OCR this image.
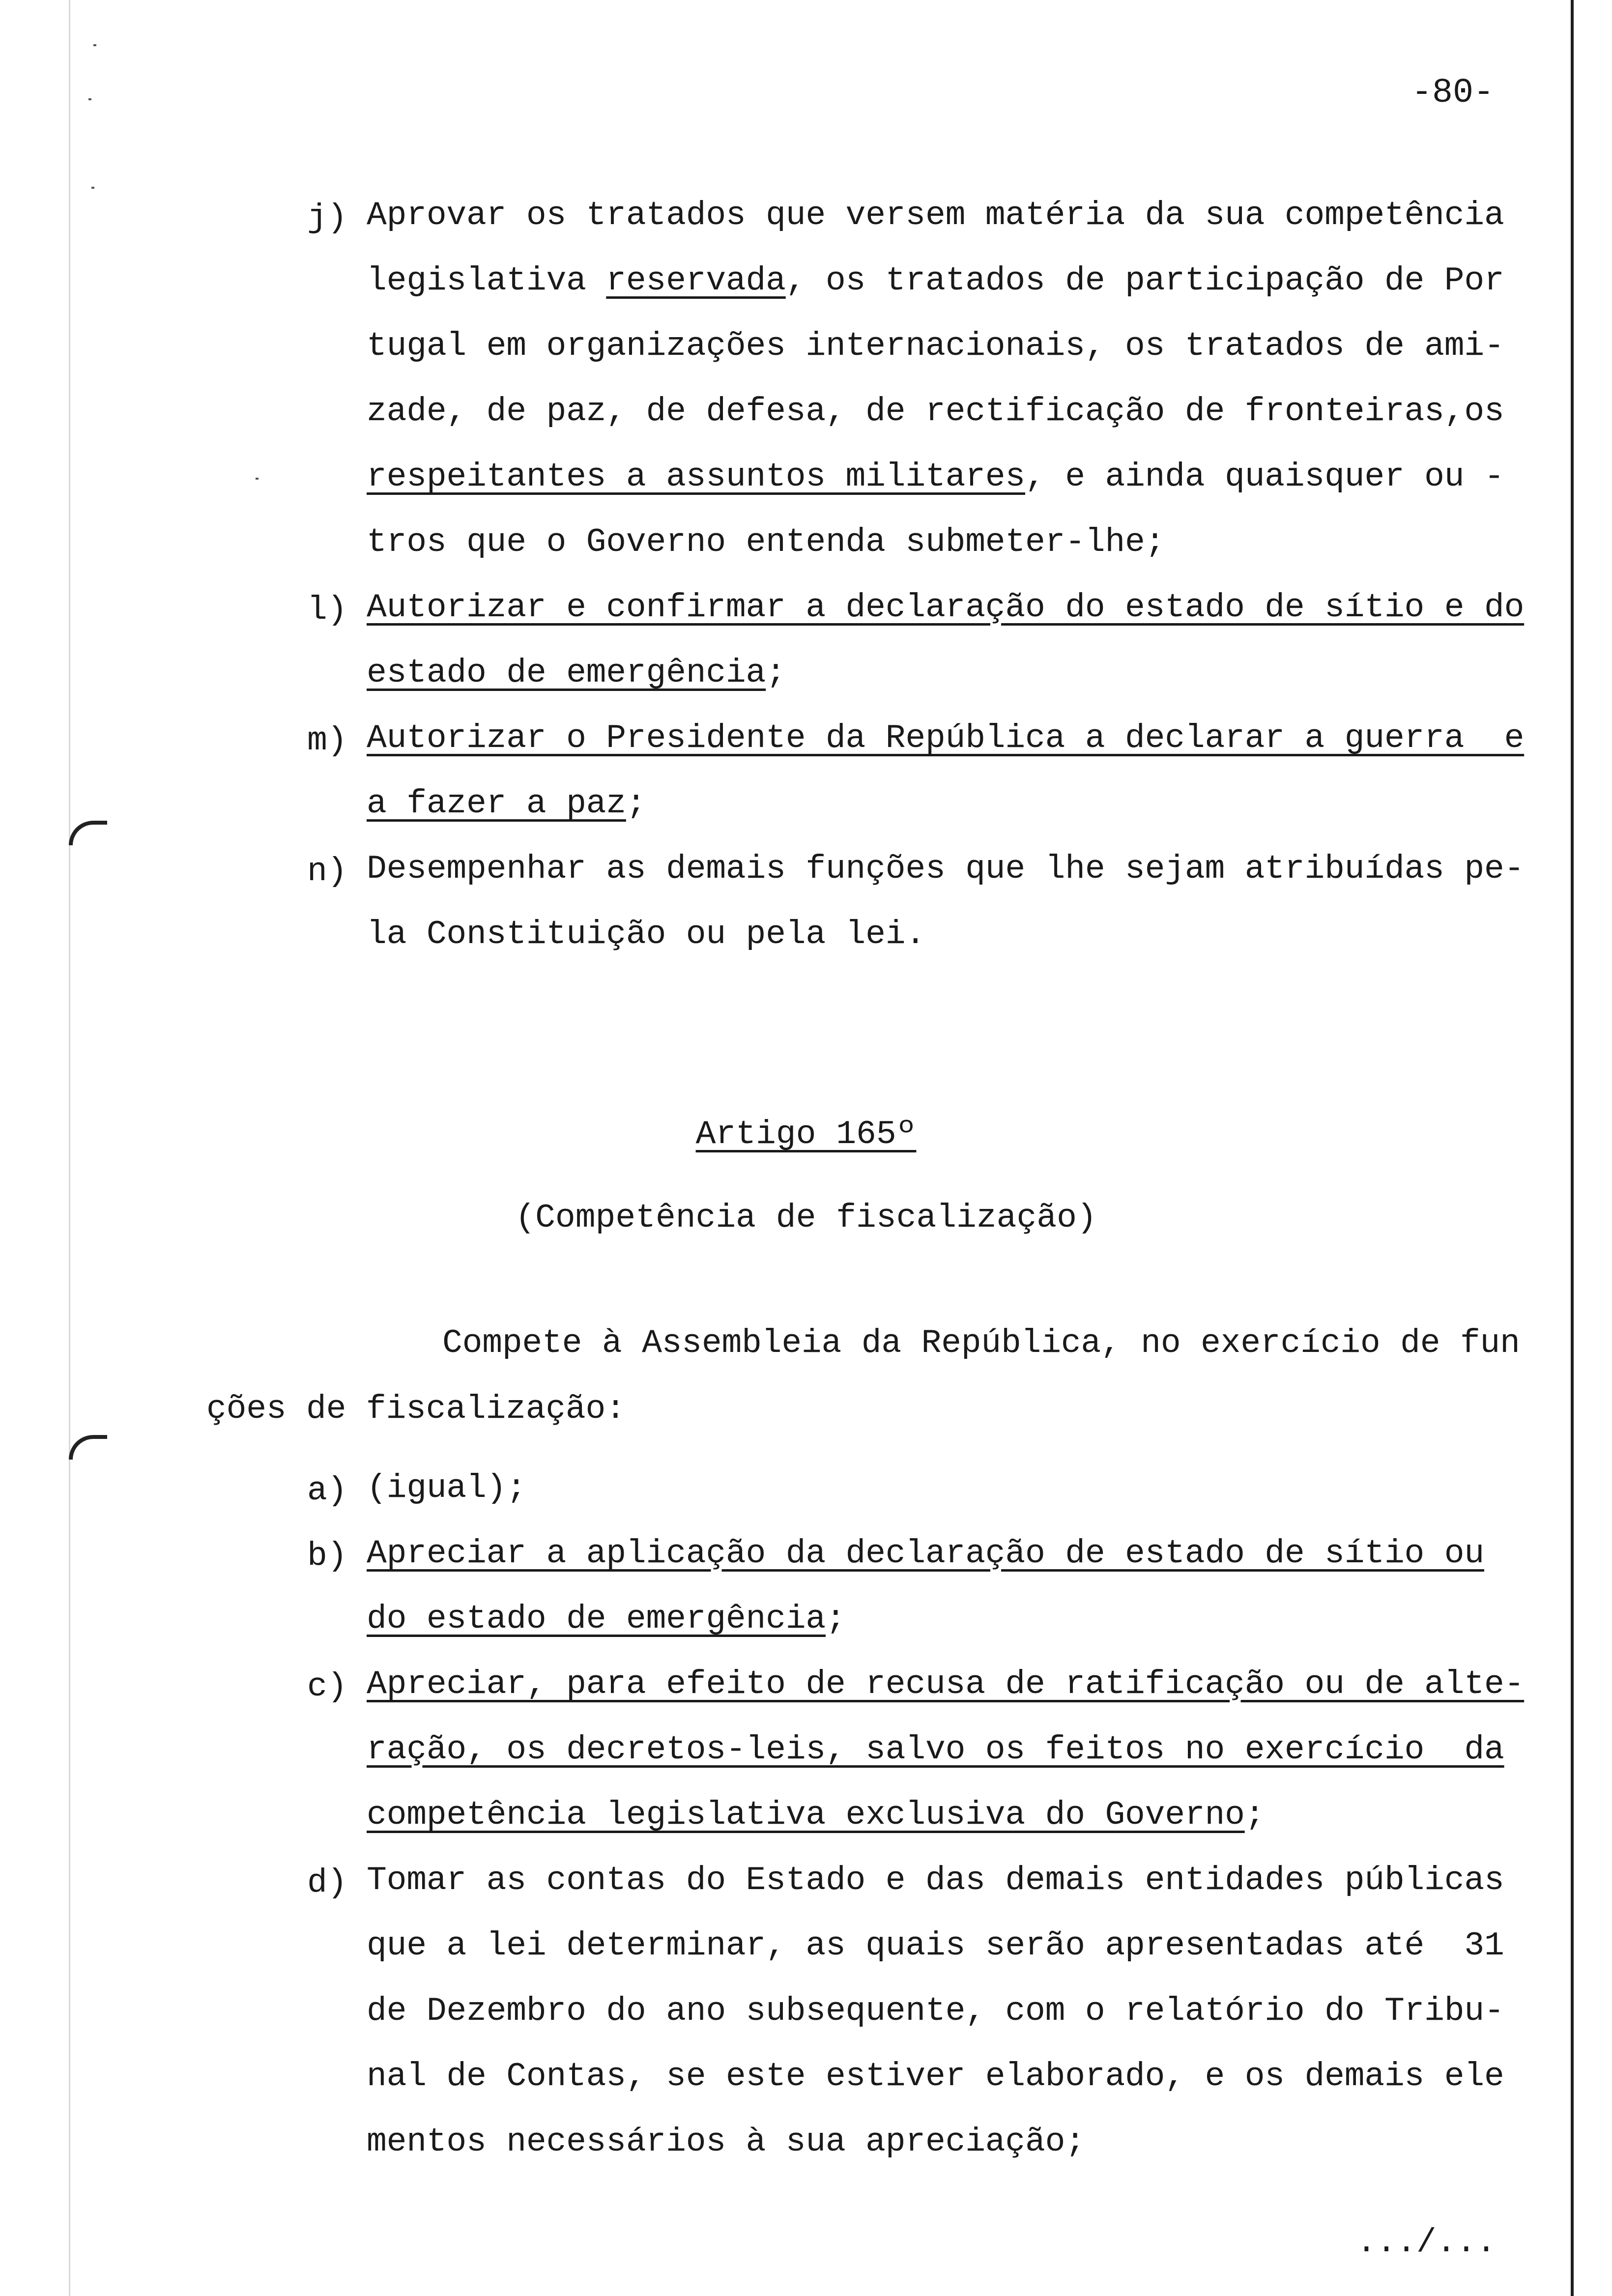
-80-
j) Aprovar os tratados que versem matéria da sua competência
legislativa reservada, os tratados de participação de Por
tugal em organizações internacionais, os tratados de ami-
zade, de paz, de defesa, de rectificação de fronteiras,os
respeitantes a assuntos militares, e ainda quaisquer ou -
tros que o Governo entenda submeter-lhe;
l) Autorizar e confirmar a declaração do estado de sítio e do
estado de emergência;
m) Autorizar o Presidente da República a declarar a guerra  e
a fazer a paz;
n) Desempenhar as demais funções que lhe sejam atribuídas pe-
la Constituição ou pela lei.
Artigo 165º
(Competência de fiscalização)
Compete à Assembleia da República, no exercício de fun
ções de fiscalização:
a) (igual);
b) Apreciar a aplicação da declaração de estado de sítio ou
do estado de emergência;
c) Apreciar, para efeito de recusa de ratificação ou de alte-
ração, os decretos-leis, salvo os feitos no exercício  da
competência legislativa exclusiva do Governo;
d) Tomar as contas do Estado e das demais entidades públicas
que a lei determinar, as quais serão apresentadas até  31
de Dezembro do ano subsequente, com o relatório do Tribu-
nal de Contas, se este estiver elaborado, e os demais ele
mentos necessários à sua apreciação;
.../...
